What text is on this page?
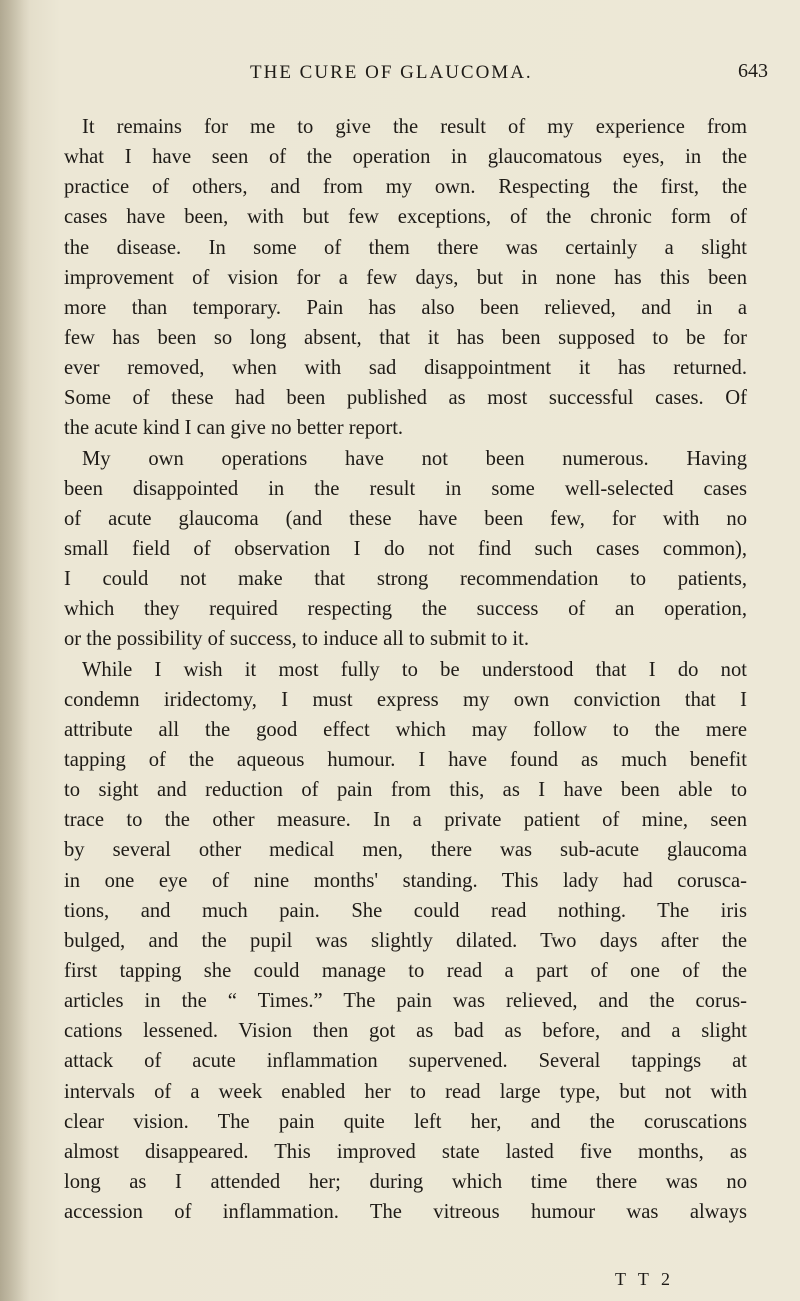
THE CURE OF GLAUCOMA.	643
It remains for me to give the result of my experience from
what I have seen of the operation in glaucomatous eyes, in the
practice of others, and from my own. Respecting the first, the
cases have been, with but few exceptions, of the chronic form of
the disease. In some of them there was certainly a slight
improvement of vision for a few days, but in none has this been
more than temporary. Pain has also been relieved, and in a
few has been so long absent, that it has been supposed to be for
ever removed, when with sad disappointment it has returned.
Some of these had been published as most successful cases. Of
the acute kind I can give no better report.
My own operations have not been numerous. Having
been disappointed in the result in some well-selected cases
of acute glaucoma (and these have been few, for with no
small field of observation I do not find such cases common),
I could not make that strong recommendation to patients,
which they required respecting the success of an operation,
or the possibility of success, to induce all to submit to it.
While I wish it most fully to be understood that I do not
condemn iridectomy, I must express my own conviction that I
attribute all the good effect which may follow to the mere
tapping of the aqueous humour. I have found as much benefit
to sight and reduction of pain from this, as I have been able to
trace to the other measure. In a private patient of mine, seen
by several other medical men, there was sub-acute glaucoma
in one eye of nine months' standing. This lady had corusca-
tions, and much pain. She could read nothing. The iris
bulged, and the pupil was slightly dilated. Two days after the
first tapping she could manage to read a part of one of the
articles in the “ Times.” The pain was relieved, and the corus-
cations lessened. Vision then got as bad as before, and a slight
attack of acute inflammation supervened. Several tappings at
intervals of a week enabled her to read large type, but not with
clear vision. The pain quite left her, and the coruscations
almost disappeared. This improved state lasted five months, as
long as I attended her; during which time there was no
accession of inflammation. The vitreous humour was always
T T 2
